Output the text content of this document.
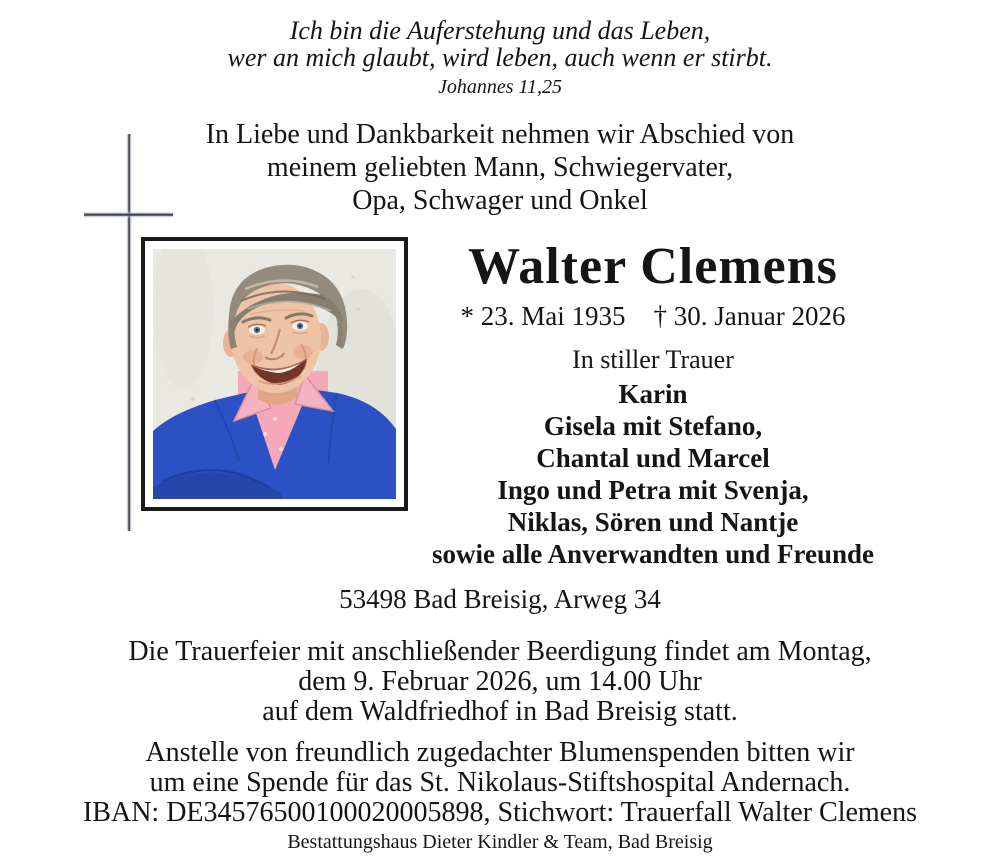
Ich bin die Auferstehung und das Leben,
wer an mich glaubt, wird leben, auch wenn er stirbt.
Johannes 11,25
In Liebe und Dankbarkeit nehmen wir Abschied von
meinem geliebten Mann, Schwiegervater,
Opa, Schwager und Onkel
Walter Clemens
* 23. Mai 1935 † 30. Januar 2026
In stiller Trauer
Karin
Gisela mit Stefano,
Chantal und Marcel
Ingo und Petra mit Svenja,
Niklas, Sören und Nantje
sowie alle Anverwandten und Freunde
53498 Bad Breisig, Arweg 34
Die Trauerfeier mit anschließender Beerdigung findet am Montag,
dem 9. Februar 2026, um 14.00 Uhr
auf dem Waldfriedhof in Bad Breisig statt.
Anstelle von freundlich zugedachter Blumenspenden bitten wir
um eine Spende für das St. Nikolaus-Stiftshospital Andernach.
IBAN: DE34576500100020005898, Stichwort: Trauerfall Walter Clemens
Bestattungshaus Dieter Kindler & Team, Bad Breisig
